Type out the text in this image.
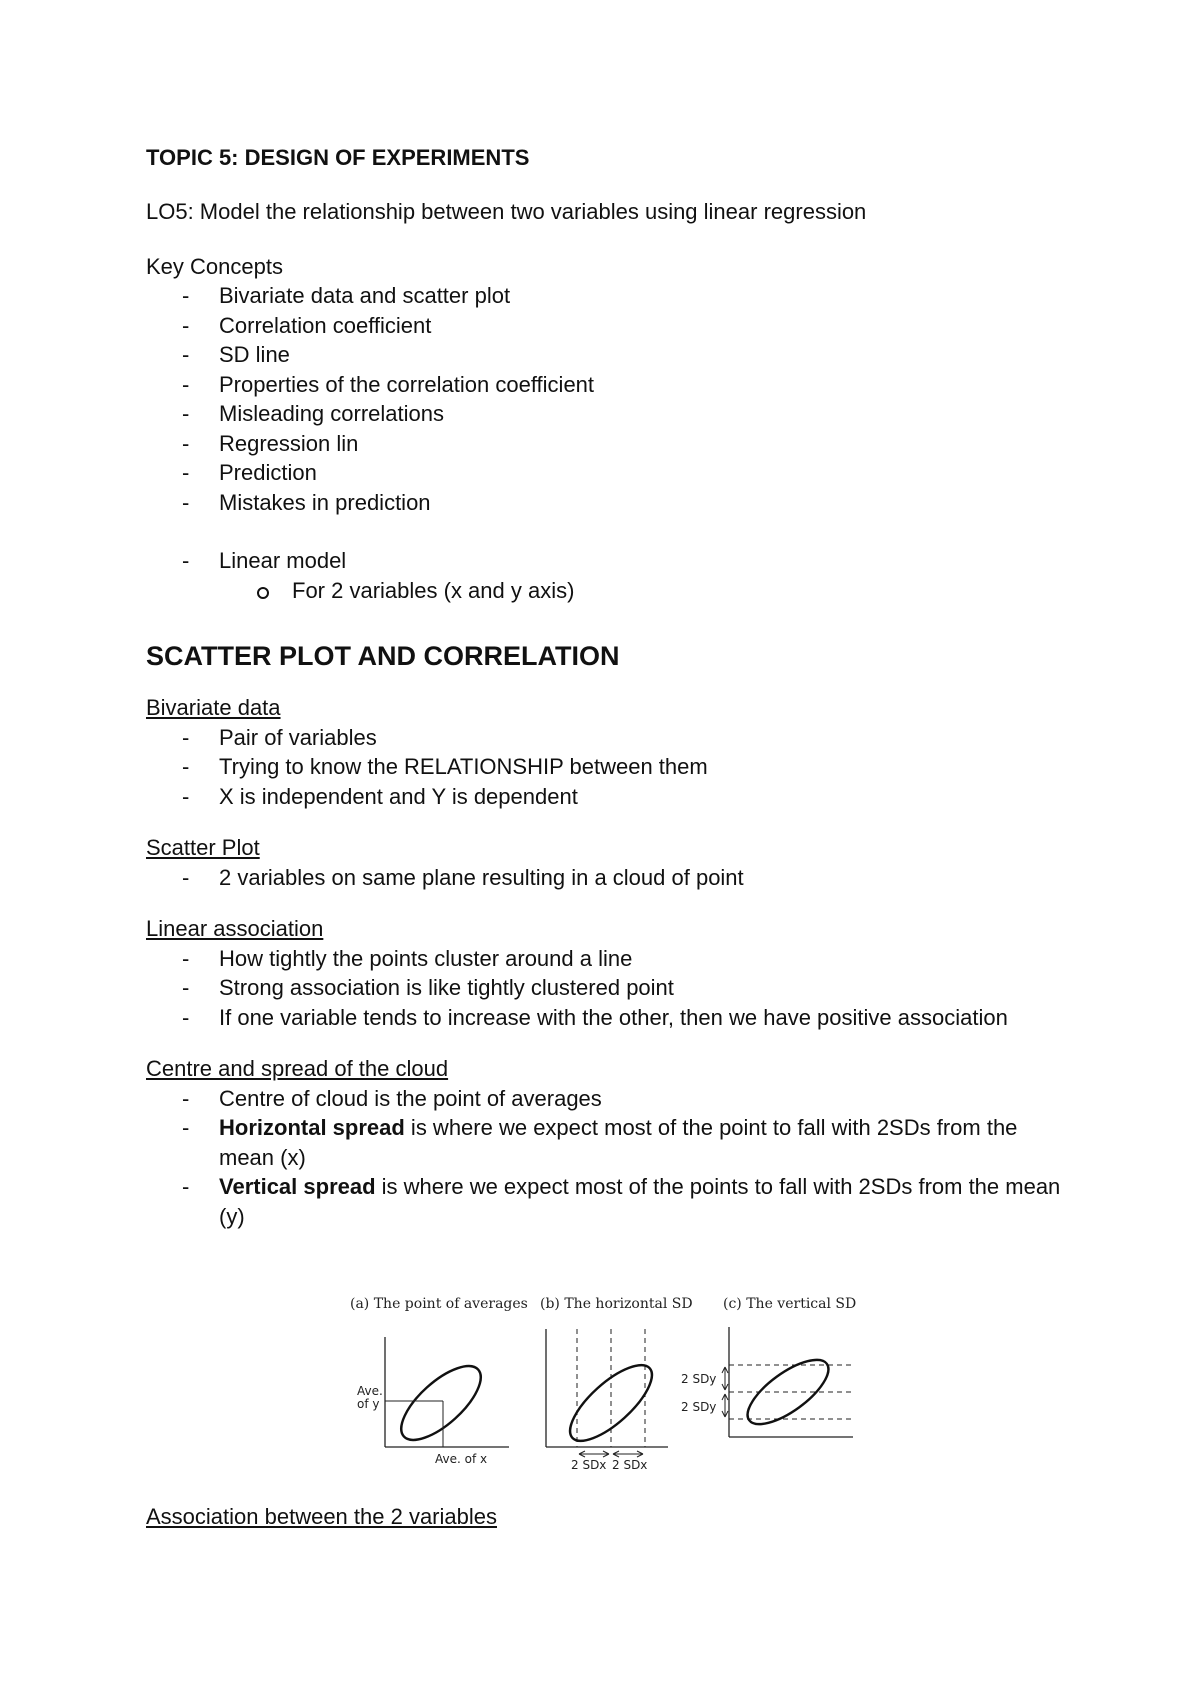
TOPIC 5: DESIGN OF EXPERIMENTS

LO5: Model the relationship between two variables using linear regression

Key Concepts

-	Bivariate data and scatter plot
-	Correlation coefficient
-	SD line
-	Properties of the correlation coefficient
-	Misleading correlations
-	Regression lin
-	Prediction
-	Mistakes in prediction
-	Linear model
For 2 variables (x and y axis)
SCATTER PLOT AND CORRELATION

Bivariate data

-	Pair of variables
-	Trying to know the RELATIONSHIP between them
-	X is independent and Y is dependent

Scatter Plot

-	2 variables on same plane resulting in a cloud of point

Linear association

-	How tightly the points cluster around a line
-	Strong association is like tightly clustered point
-	If one variable tends to increase with the other, then we have positive association

Centre and spread of the cloud

-	Centre of cloud is the point of averages
-	Horizontal spread is where we expect most of the point to fall with 2SDs from the mean (x)
-	Vertical spread is where we expect most of the points to fall with 2SDs from the mean (y)
(a) The point of averages (b) The horizontal SD (c) The vertical SD
Ave.
of y
Ave. of x	2 SDx 2 SDx
2 SDy
2 SDy

Association between the 2 variables
